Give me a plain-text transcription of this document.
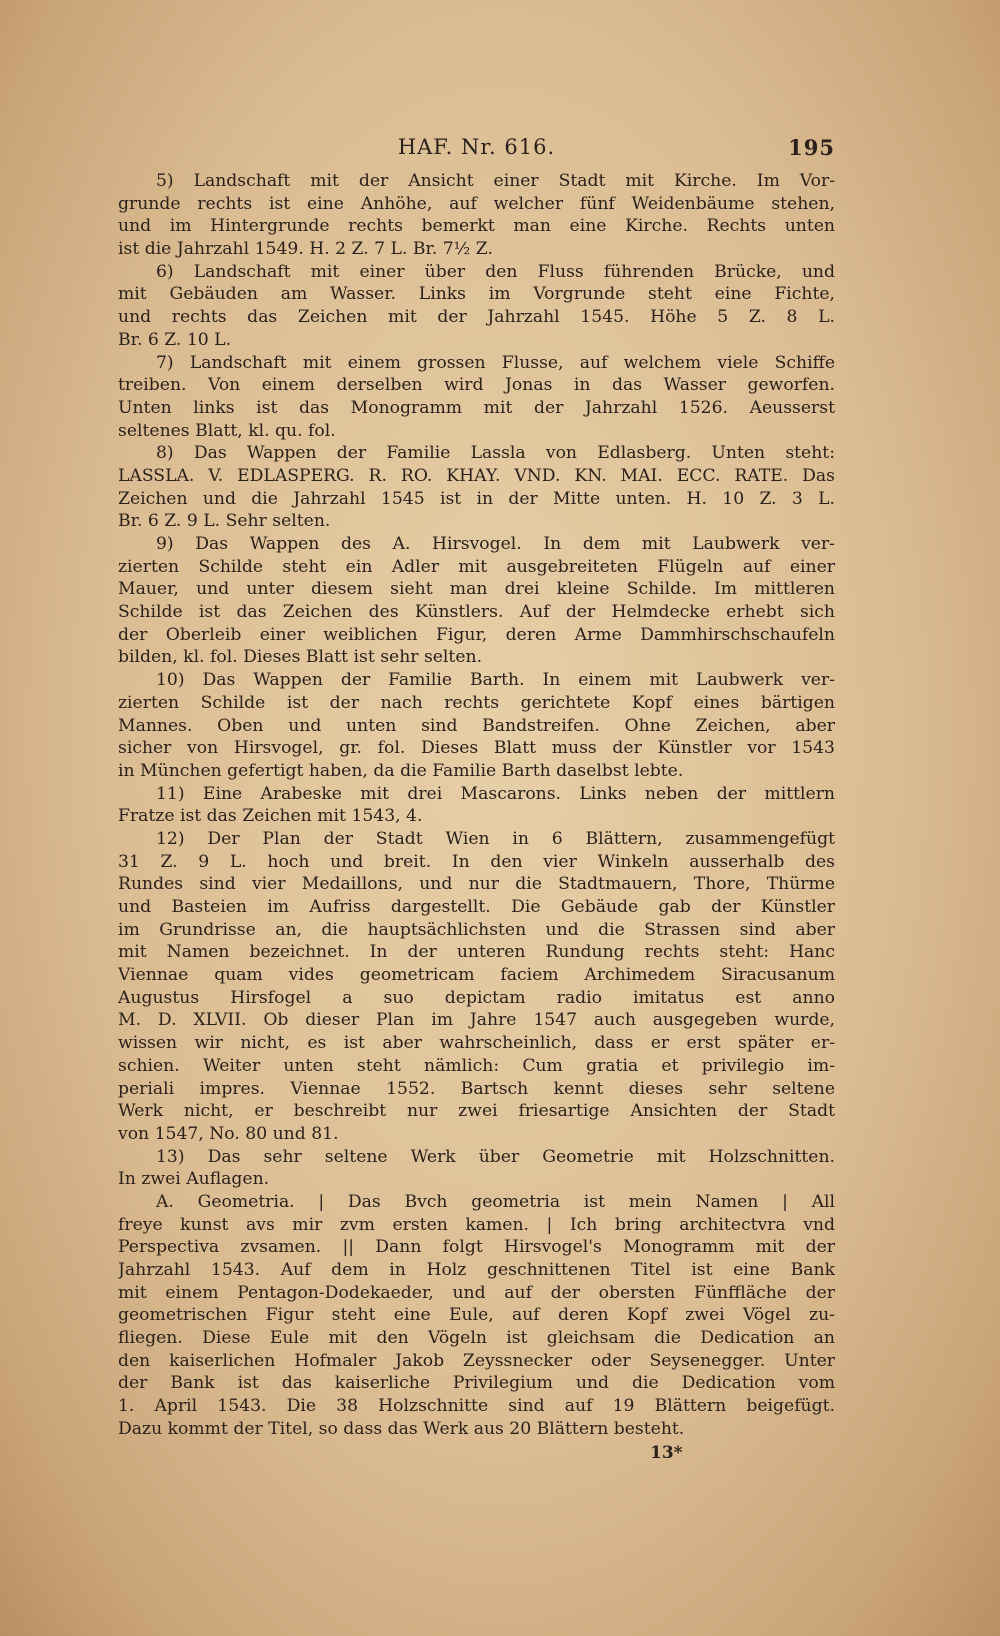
HAF. Nr. 616.	195
5) Landschaft mit der Ansicht einer Stadt mit Kirche. Im Vor-
grunde rechts ist eine Anhöhe, auf welcher fünf Weidenbäume stehen,
und im Hintergrunde rechts bemerkt man eine Kirche. Rechts unten
ist die Jahrzahl 1549. H. 2 Z. 7 L. Br. 7½ Z.
6) Landschaft mit einer über den Fluss führenden Brücke, und
mit Gebäuden am Wasser. Links im Vorgrunde steht eine Fichte,
und rechts das Zeichen mit der Jahrzahl 1545. Höhe 5 Z. 8 L.
Br. 6 Z. 10 L.
7) Landschaft mit einem grossen Flusse, auf welchem viele Schiffe
treiben. Von einem derselben wird Jonas in das Wasser geworfen.
Unten links ist das Monogramm mit der Jahrzahl 1526. Aeusserst
seltenes Blatt, kl. qu. fol.
8) Das Wappen der Familie Lassla von Edlasberg. Unten steht:
LASSLA. V. EDLASPERG. R. RO. KHAY. VND. KN. MAI. ECC. RATE. Das
Zeichen und die Jahrzahl 1545 ist in der Mitte unten. H. 10 Z. 3 L.
Br. 6 Z. 9 L. Sehr selten.
9) Das Wappen des A. Hirsvogel. In dem mit Laubwerk ver-
zierten Schilde steht ein Adler mit ausgebreiteten Flügeln auf einer
Mauer, und unter diesem sieht man drei kleine Schilde. Im mittleren
Schilde ist das Zeichen des Künstlers. Auf der Helmdecke erhebt sich
der Oberleib einer weiblichen Figur, deren Arme Dammhirschschaufeln
bilden, kl. fol. Dieses Blatt ist sehr selten.
10) Das Wappen der Familie Barth. In einem mit Laubwerk ver-
zierten Schilde ist der nach rechts gerichtete Kopf eines bärtigen
Mannes. Oben und unten sind Bandstreifen. Ohne Zeichen, aber
sicher von Hirsvogel, gr. fol. Dieses Blatt muss der Künstler vor 1543
in München gefertigt haben, da die Familie Barth daselbst lebte.
11) Eine Arabeske mit drei Mascarons. Links neben der mittlern
Fratze ist das Zeichen mit 1543, 4.
12) Der Plan der Stadt Wien in 6 Blättern, zusammengefügt
31 Z. 9 L. hoch und breit. In den vier Winkeln ausserhalb des
Rundes sind vier Medaillons, und nur die Stadtmauern, Thore, Thürme
und Basteien im Aufriss dargestellt. Die Gebäude gab der Künstler
im Grundrisse an, die hauptsächlichsten und die Strassen sind aber
mit Namen bezeichnet. In der unteren Rundung rechts steht: Hanc
Viennae quam vides geometricam faciem Archimedem Siracusanum
Augustus Hirsfogel a suo depictam radio imitatus est anno
M. D. XLVII. Ob dieser Plan im Jahre 1547 auch ausgegeben wurde,
wissen wir nicht, es ist aber wahrscheinlich, dass er erst später er-
schien. Weiter unten steht nämlich: Cum gratia et privilegio im-
periali impres. Viennae 1552. Bartsch kennt dieses sehr seltene
Werk nicht, er beschreibt nur zwei friesartige Ansichten der Stadt
von 1547, No. 80 und 81.
13) Das sehr seltene Werk über Geometrie mit Holzschnitten.
In zwei Auflagen.
A. Geometria. | Das Bvch geometria ist mein Namen | All
freye kunst avs mir zvm ersten kamen. | Ich bring architectvra vnd
Perspectiva zvsamen. || Dann folgt Hirsvogel's Monogramm mit der
Jahrzahl 1543. Auf dem in Holz geschnittenen Titel ist eine Bank
mit einem Pentagon-Dodekaeder, und auf der obersten Fünffläche der
geometrischen Figur steht eine Eule, auf deren Kopf zwei Vögel zu-
fliegen. Diese Eule mit den Vögeln ist gleichsam die Dedication an
den kaiserlichen Hofmaler Jakob Zeyssnecker oder Seysenegger. Unter
der Bank ist das kaiserliche Privilegium und die Dedication vom
1. April 1543. Die 38 Holzschnitte sind auf 19 Blättern beigefügt.
Dazu kommt der Titel, so dass das Werk aus 20 Blättern besteht.
13*
